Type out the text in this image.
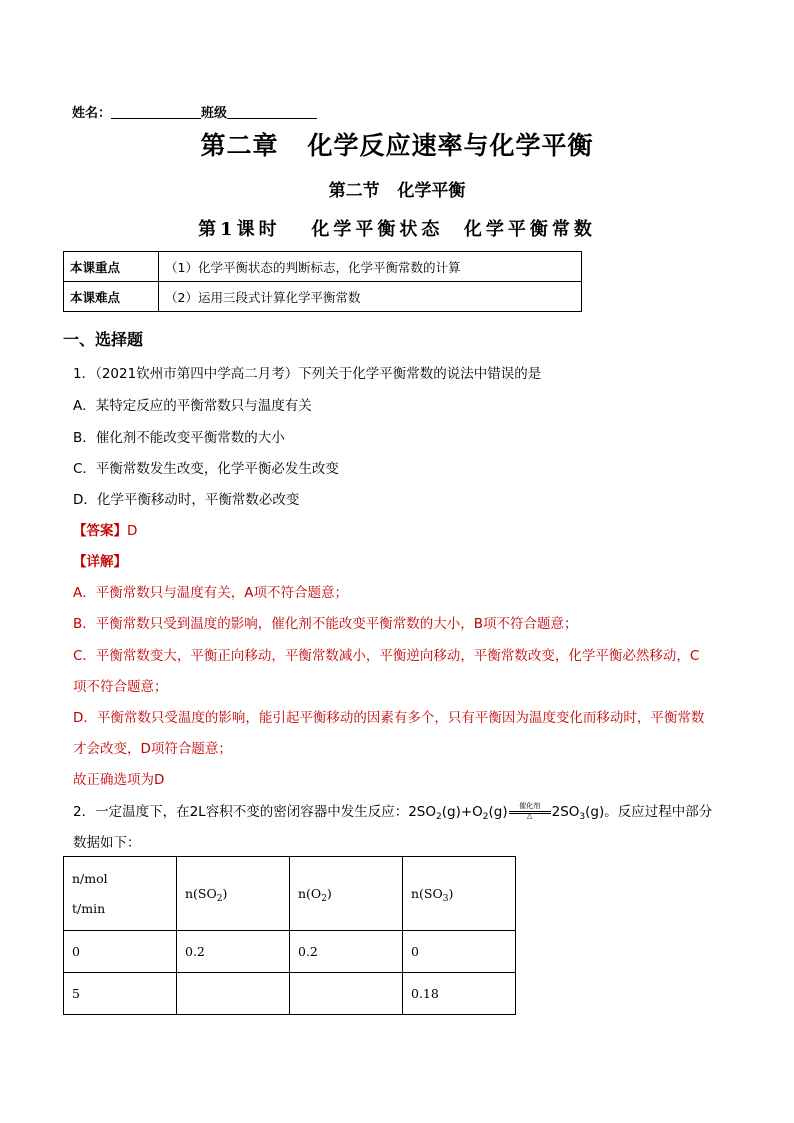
姓名：	班级
第二章   化学反应速率与化学平衡
第二节   化学平衡
第1课时   化学平衡状态  化学平衡常数
本课重点	（1）化学平衡状态的判断标志，化学平衡常数的计算
本课难点	（2）运用三段式计算化学平衡常数
一、选择题
1．（2021钦州市第四中学高二月考）下列关于化学平衡常数的说法中错误的是
A．某特定反应的平衡常数只与温度有关
B．催化剂不能改变平衡常数的大小
C．平衡常数发生改变，化学平衡必发生改变
D．化学平衡移动时，平衡常数必改变
【答案】D
【详解】
A．平衡常数只与温度有关，A项不符合题意；
B．平衡常数只受到温度的影响，催化剂不能改变平衡常数的大小，B项不符合题意；
C．平衡常数变大，平衡正向移动，平衡常数减小，平衡逆向移动，平衡常数改变，化学平衡必然移动，C
项不符合题意；
D．平衡常数只受温度的影响，能引起平衡移动的因素有多个，只有平衡因为温度变化而移动时，平衡常数
才会改变，D项符合题意；
故正确选项为D
2．一定温度下，在2L容积不变的密闭容器中发生反应：$2SO_2(g)+O_2(g)$	催化剂
△	$2SO_3(g)$。反应过程中部分
数据如下：
n/mol
t/min	$n(SO_2)$	$n(O_2)$	$n(SO_3)$
0	0.2	0.2	0
5			0.18
